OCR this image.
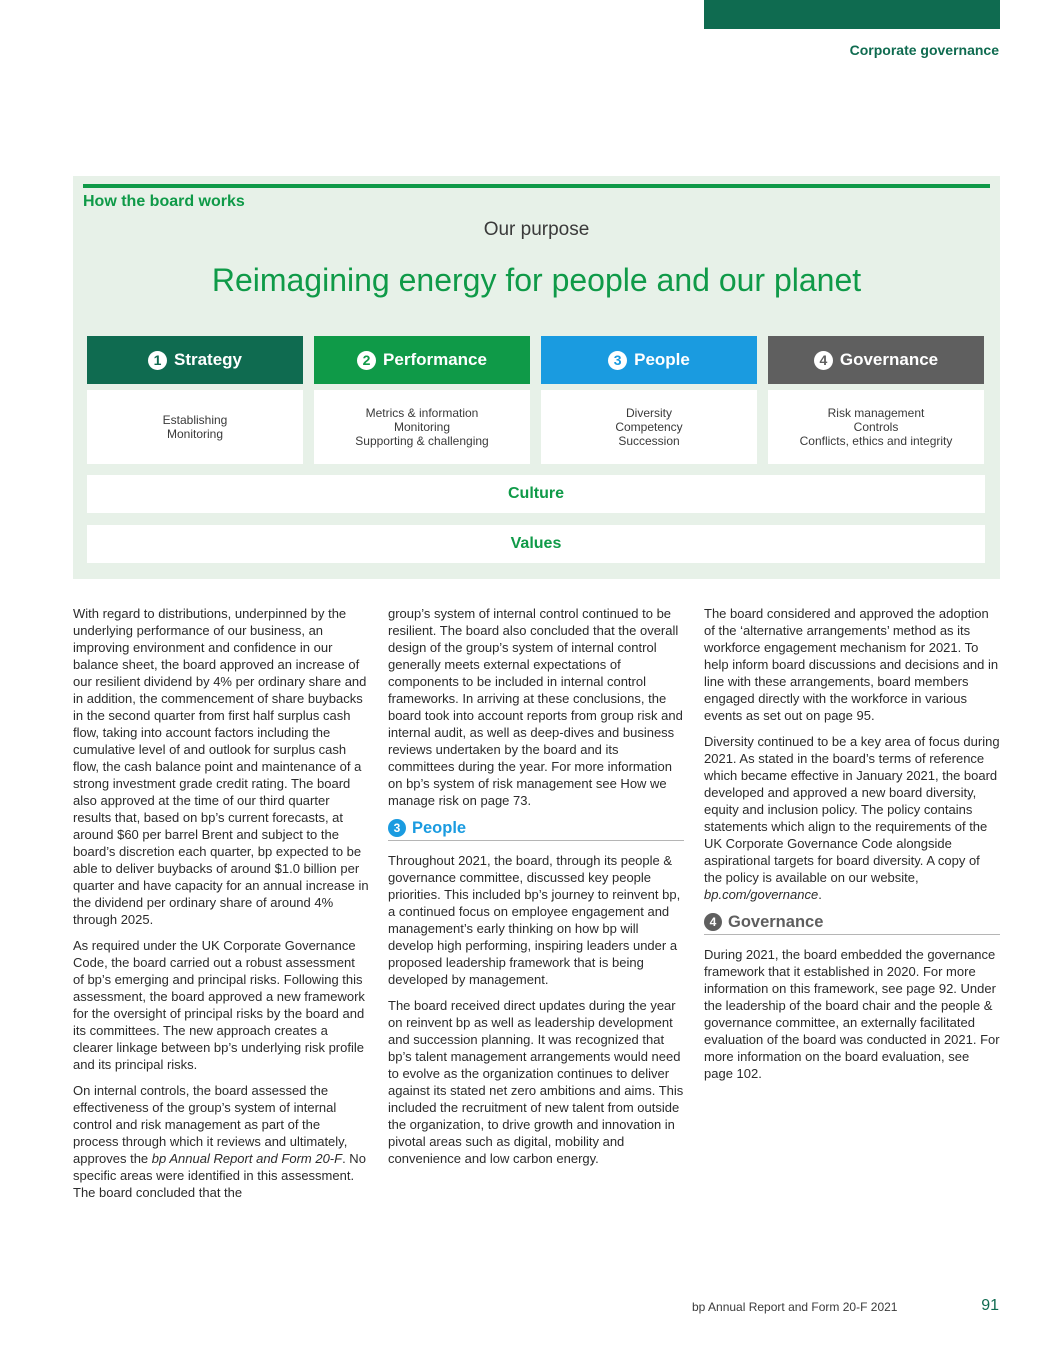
Corporate governance
How the board works
Our purpose
Reimagining energy for people and our planet
1 Strategy
Establishing
Monitoring
2 Performance
Metrics & information
Monitoring
Supporting & challenging
3 People
Diversity
Competency
Succession
4 Governance
Risk management
Controls
Conflicts, ethics and integrity
Culture
Values

With regard to distributions, underpinned by the underlying performance of our business, an improving environment and confidence in our balance sheet, the board approved an increase of our resilient dividend by 4% per ordinary share and in addition, the commencement of share buybacks in the second quarter from first half surplus cash flow, taking into account factors including the cumulative level of and outlook for surplus cash flow, the cash balance point and maintenance of a strong investment grade credit rating. The board also approved at the time of our third quarter results that, based on bp’s current forecasts, at around $60 per barrel Brent and subject to the board’s discretion each quarter, bp expected to be able to deliver buybacks of around $1.0 billion per quarter and have capacity for an annual increase in the dividend per ordinary share of around 4% through 2025.

As required under the UK Corporate Governance Code, the board carried out a robust assessment of bp’s emerging and principal risks. Following this assessment, the board approved a new framework for the oversight of principal risks by the board and its committees. The new approach creates a clearer linkage between bp’s underlying risk profile and its principal risks.

On internal controls, the board assessed the effectiveness of the group’s system of internal control and risk management as part of the process through which it reviews and ultimately, approves the bp Annual Report and Form 20-F. No specific areas were identified in this assessment. The board concluded that the

group’s system of internal control continued to be resilient. The board also concluded that the overall design of the group’s system of internal control generally meets external expectations of components to be included in internal control frameworks. In arriving at these conclusions, the board took into account reports from group risk and internal audit, as well as deep-dives and business reviews undertaken by the board and its committees during the year. For more information on bp’s system of risk management see How we manage risk on page 73.

3 People

Throughout 2021, the board, through its people & governance committee, discussed key people priorities. This included bp’s journey to reinvent bp, a continued focus on employee engagement and management’s early thinking on how bp will develop high performing, inspiring leaders under a proposed leadership framework that is being developed by management.

The board received direct updates during the year on reinvent bp as well as leadership development and succession planning. It was recognized that bp’s talent management arrangements would need to evolve as the organization continues to deliver against its stated net zero ambitions and aims. This included the recruitment of new talent from outside the organization, to drive growth and innovation in pivotal areas such as digital, mobility and convenience and low carbon energy.

The board considered and approved the adoption of the ‘alternative arrangements’ method as its workforce engagement mechanism for 2021. To help inform board discussions and decisions and in line with these arrangements, board members engaged directly with the workforce in various events as set out on page 95.

Diversity continued to be a key area of focus during 2021. As stated in the board’s terms of reference which became effective in January 2021, the board developed and approved a new board diversity, equity and inclusion policy. The policy contains statements which align to the requirements of the UK Corporate Governance Code alongside aspirational targets for board diversity. A copy of the policy is available on our website, bp.com/governance.

4 Governance

During 2021, the board embedded the governance framework that it established in 2020. For more information on this framework, see page 92. Under the leadership of the board chair and the people & governance committee, an externally facilitated evaluation of the board was conducted in 2021. For more information on the board evaluation, see page 102.

bp Annual Report and Form 20-F 2021	91
